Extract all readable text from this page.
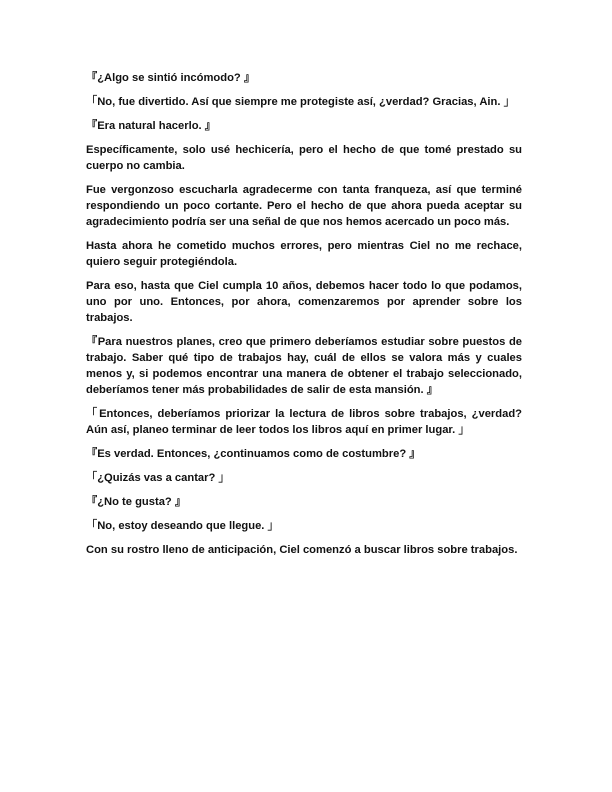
『¿Algo se sintió incómodo? 』

「No, fue divertido. Así que siempre me protegiste así, ¿verdad? Gracias, Ain. 」

『Era natural hacerlo. 』

Específicamente, solo usé hechicería, pero el hecho de que tomé prestado su cuerpo no cambia.

Fue vergonzoso escucharla agradecerme con tanta franqueza, así que terminé respondiendo un poco cortante. Pero el hecho de que ahora pueda aceptar su agradecimiento podría ser una señal de que nos hemos acercado un poco más.

Hasta ahora he cometido muchos errores, pero mientras Ciel no me rechace, quiero seguir protegiéndola.

Para eso, hasta que Ciel cumpla 10 años, debemos hacer todo lo que podamos, uno por uno. Entonces, por ahora, comenzaremos por aprender sobre los trabajos.

『Para nuestros planes, creo que primero deberíamos estudiar sobre puestos de trabajo. Saber qué tipo de trabajos hay, cuál de ellos se valora más y cuales menos y, si podemos encontrar una manera de obtener el trabajo seleccionado, deberíamos tener más probabilidades de salir de esta mansión. 』

「Entonces, deberíamos priorizar la lectura de libros sobre trabajos, ¿verdad? Aún así, planeo terminar de leer todos los libros aquí en primer lugar. 」

『Es verdad. Entonces, ¿continuamos como de costumbre? 』

「¿Quizás vas a cantar? 」

『¿No te gusta? 』

「No, estoy deseando que llegue. 」

Con su rostro lleno de anticipación, Ciel comenzó a buscar libros sobre trabajos.
